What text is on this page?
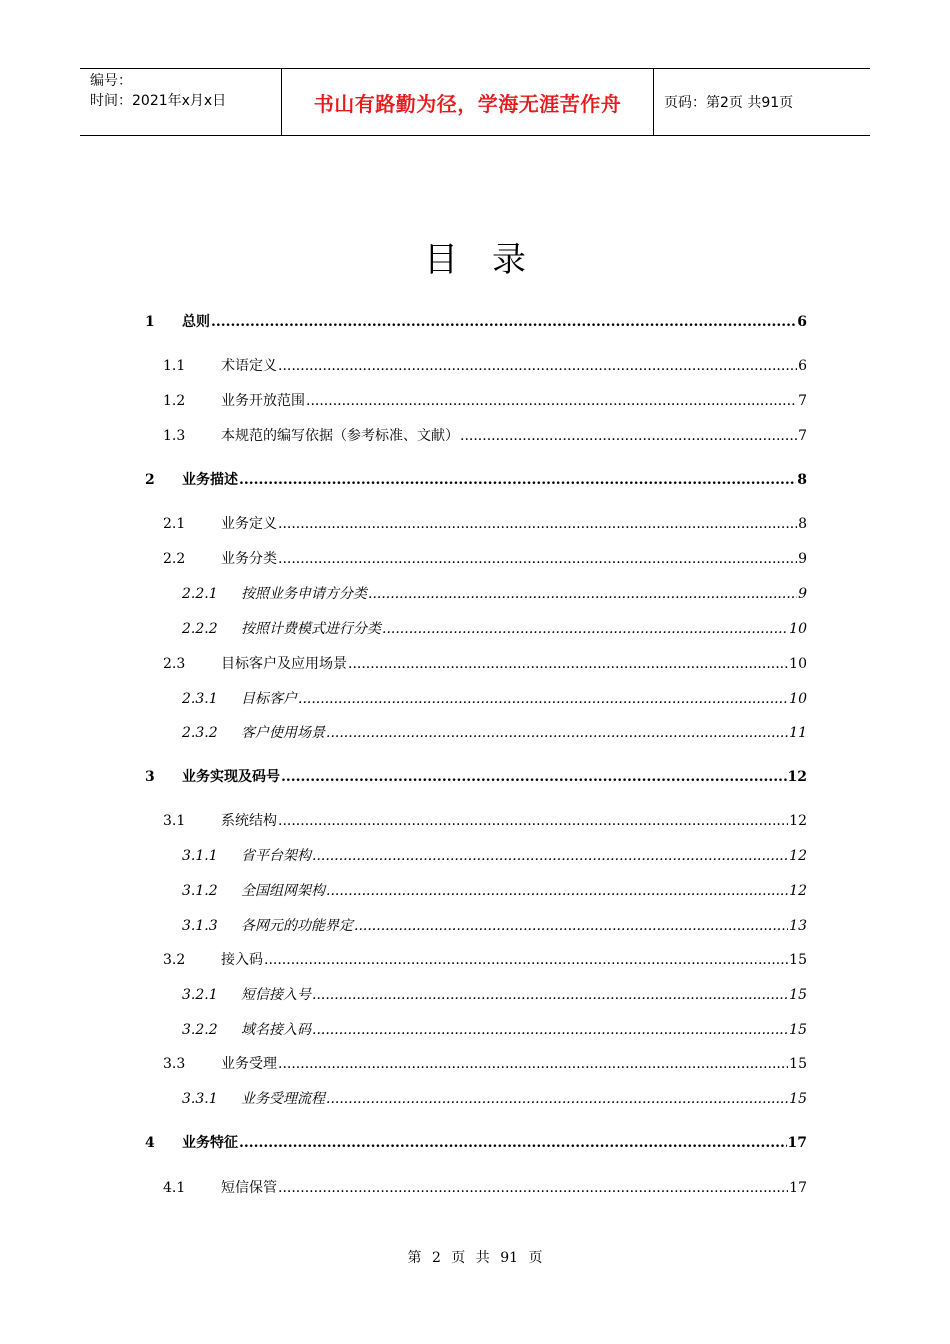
编号：
时间：2021年x月x日	书山有路勤为径，学海无涯苦作舟	页码：第2页 共91页
目录
1	总则 .....	6
1.1	术语定义 .....	6
1.2	业务开放范围 .....	7
1.3	本规范的编写依据（参考标准、文献） .....	7
2	业务描述 .....	8
2.1	业务定义 .....	8
2.2	业务分类 .....	9
2.2.1	按照业务申请方分类 .....	9
2.2.2	按照计费模式进行分类 .....	10
2.3	目标客户及应用场景 .....	10
2.3.1	目标客户 .....	10
2.3.2	客户使用场景 .....	11
3	业务实现及码号 .....	12
3.1	系统结构 .....	12
3.1.1	省平台架构 .....	12
3.1.2	全国组网架构 .....	12
3.1.3	各网元的功能界定 .....	13
3.2	接入码 .....	15
3.2.1	短信接入号 .....	15
3.2.2	域名接入码 .....	15
3.3	业务受理 .....	15
3.3.1	业务受理流程 .....	15
4	业务特征 .....	17
4.1	短信保管 .....	17
第 2 页 共 91 页
